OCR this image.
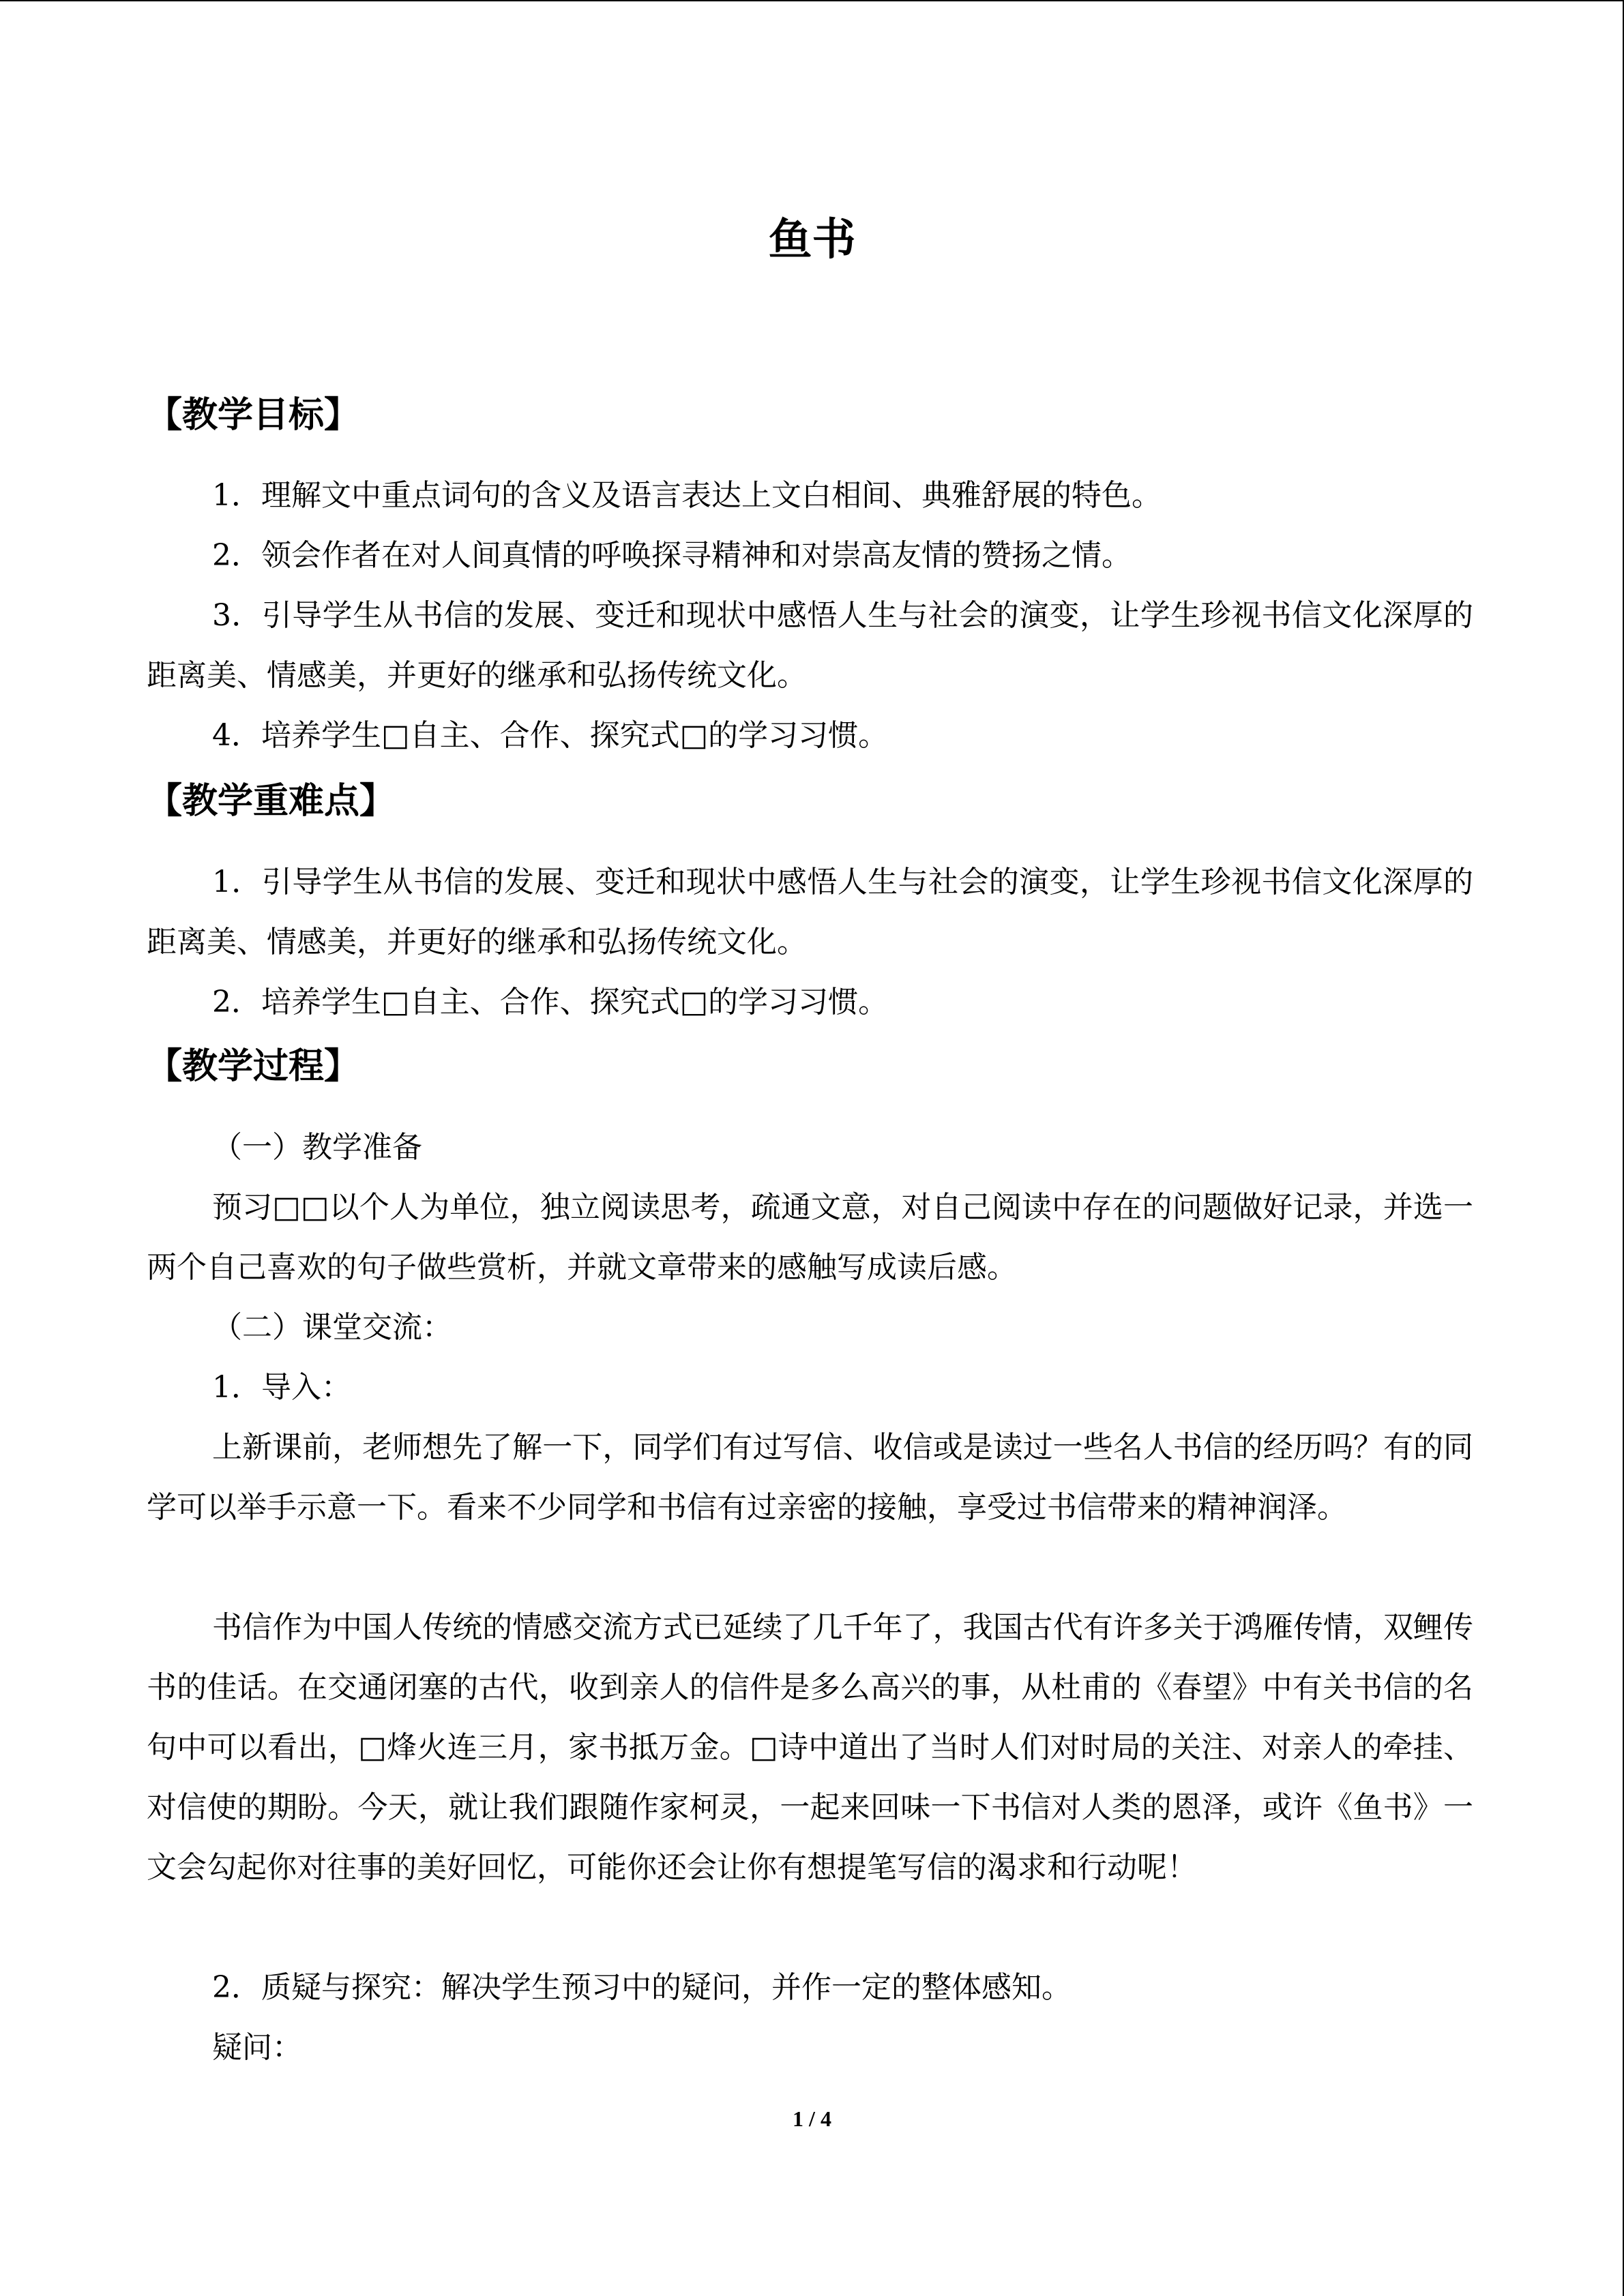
鱼书
【教学目标】

1．理解文中重点词句的含义及语言表达上文白相间、典雅舒展的特色。

2．领会作者在对人间真情的呼唤探寻精神和对崇高友情的赞扬之情。

3．引导学生从书信的发展、变迁和现状中感悟人生与社会的演变，让学生珍视书信文化深厚的距离美、情感美，并更好的继承和弘扬传统文化。

4．培养学生□自主、合作、探究式□的学习习惯。

【教学重难点】

1．引导学生从书信的发展、变迁和现状中感悟人生与社会的演变，让学生珍视书信文化深厚的距离美、情感美，并更好的继承和弘扬传统文化。

2．培养学生□自主、合作、探究式□的学习习惯。

【教学过程】

（一）教学准备

预习□□以个人为单位，独立阅读思考，疏通文意，对自己阅读中存在的问题做好记录，并选一两个自己喜欢的句子做些赏析，并就文章带来的感触写成读后感。

（二）课堂交流：

1．导入：

上新课前，老师想先了解一下，同学们有过写信、收信或是读过一些名人书信的经历吗？有的同学可以举手示意一下。看来不少同学和书信有过亲密的接触，享受过书信带来的精神润泽。

书信作为中国人传统的情感交流方式已延续了几千年了，我国古代有许多关于鸿雁传情，双鲤传书的佳话。在交通闭塞的古代，收到亲人的信件是多么高兴的事，从杜甫的《春望》中有关书信的名句中可以看出，□烽火连三月，家书抵万金。□诗中道出了当时人们对时局的关注、对亲人的牵挂、对信使的期盼。今天，就让我们跟随作家柯灵，一起来回味一下书信对人类的恩泽，或许《鱼书》一文会勾起你对往事的美好回忆，可能你还会让你有想提笔写信的渴求和行动呢！

2．质疑与探究：解决学生预习中的疑问，并作一定的整体感知。

疑问：

1 / 4
